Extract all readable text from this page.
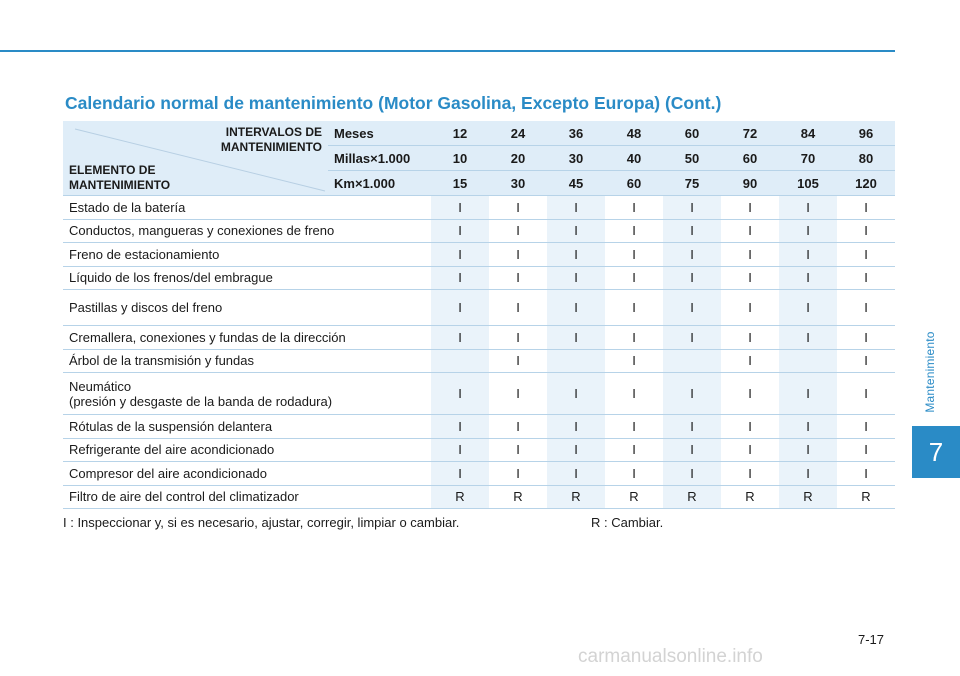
Mantenimiento
7
Calendario normal de mantenimiento (Motor Gasolina, Excepto Europa) (Cont.)
INTERVALOS DE
MANTENIMIENTO
ELEMENTO DE
MANTENIMIENTO	Meses	12	24	36	48	60	72	84	96
	Millas×1.000	10	20	30	40	50	60	70	80
	Km×1.000	15	30	45	60	75	90	105	120

Estado de la batería		I	I	I	I	I	I	I	I

Conductos, mangueras y conexiones de freno		I	I	I	I	I	I	I	I

Freno de estacionamiento		I	I	I	I	I	I	I	I

Líquido de los frenos/del embrague		I	I	I	I	I	I	I	I

Pastillas y discos del freno		I	I	I	I	I	I	I	I

Cremallera, conexiones y fundas de la dirección		I	I	I	I	I	I	I	I

Árbol de la transmisión y fundas			I		I		I		I

Neumático
(presión y desgaste de la banda de rodadura)		I	I	I	I	I	I	I	I

Rótulas de la suspensión delantera		I	I	I	I	I	I	I	I

Refrigerante del aire acondicionado		I	I	I	I	I	I	I	I

Compresor del aire acondicionado		I	I	I	I	I	I	I	I

Filtro de aire del control del climatizador		R	R	R	R	R	R	R	R
I : Inspeccionar y, si es necesario, ajustar, corregir, limpiar o cambiar.	R : Cambiar.
7-17
carmanualsonline.info
